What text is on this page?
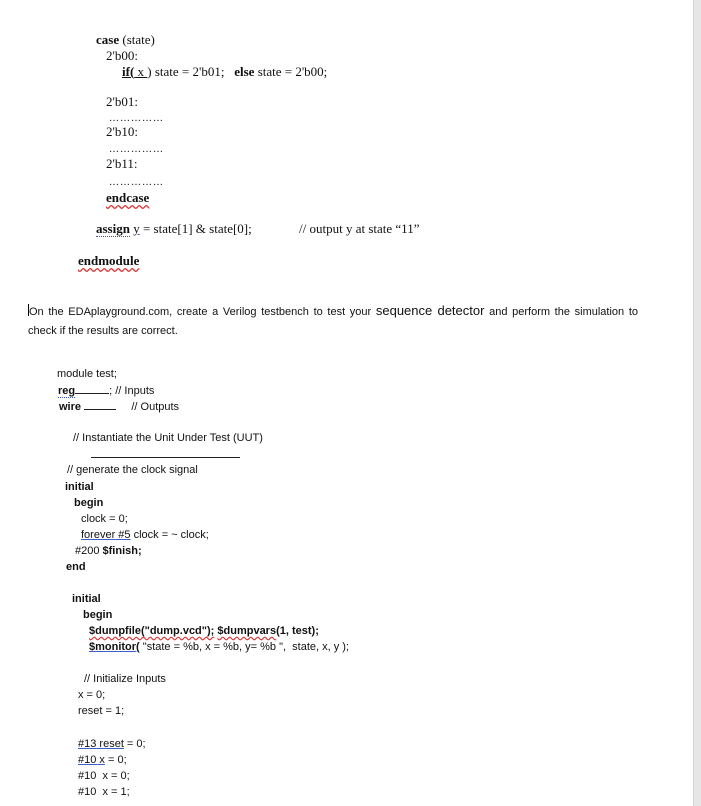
case (state)
2'b00:
if( x ) state = 2'b01; else state = 2'b00;
2'b01:
……………
2'b10:
……………
2'b11:
……………
endcase
assign y = state[1] & state[0];	// output y at state “11”
endmodule
On the EDAplayground.com, create a Verilog testbench to test your sequence detector and perform the simulation to check if the results are correct.
module test;
reg	; // Inputs
wire	// Outputs
// Instantiate the Unit Under Test (UUT)
// generate the clock signal
initial
begin
clock = 0;
forever #5 clock = ~ clock;
#200 $finish;
end
initial
begin
$dumpfile("dump.vcd"); $dumpvars(1, test);
$monitor( "state = %b, x = %b, y= %b ",  state, x, y );
// Initialize Inputs
x = 0;
reset = 1;
#13 reset = 0;
#10 x = 0;
#10  x = 0;
#10  x = 1;
